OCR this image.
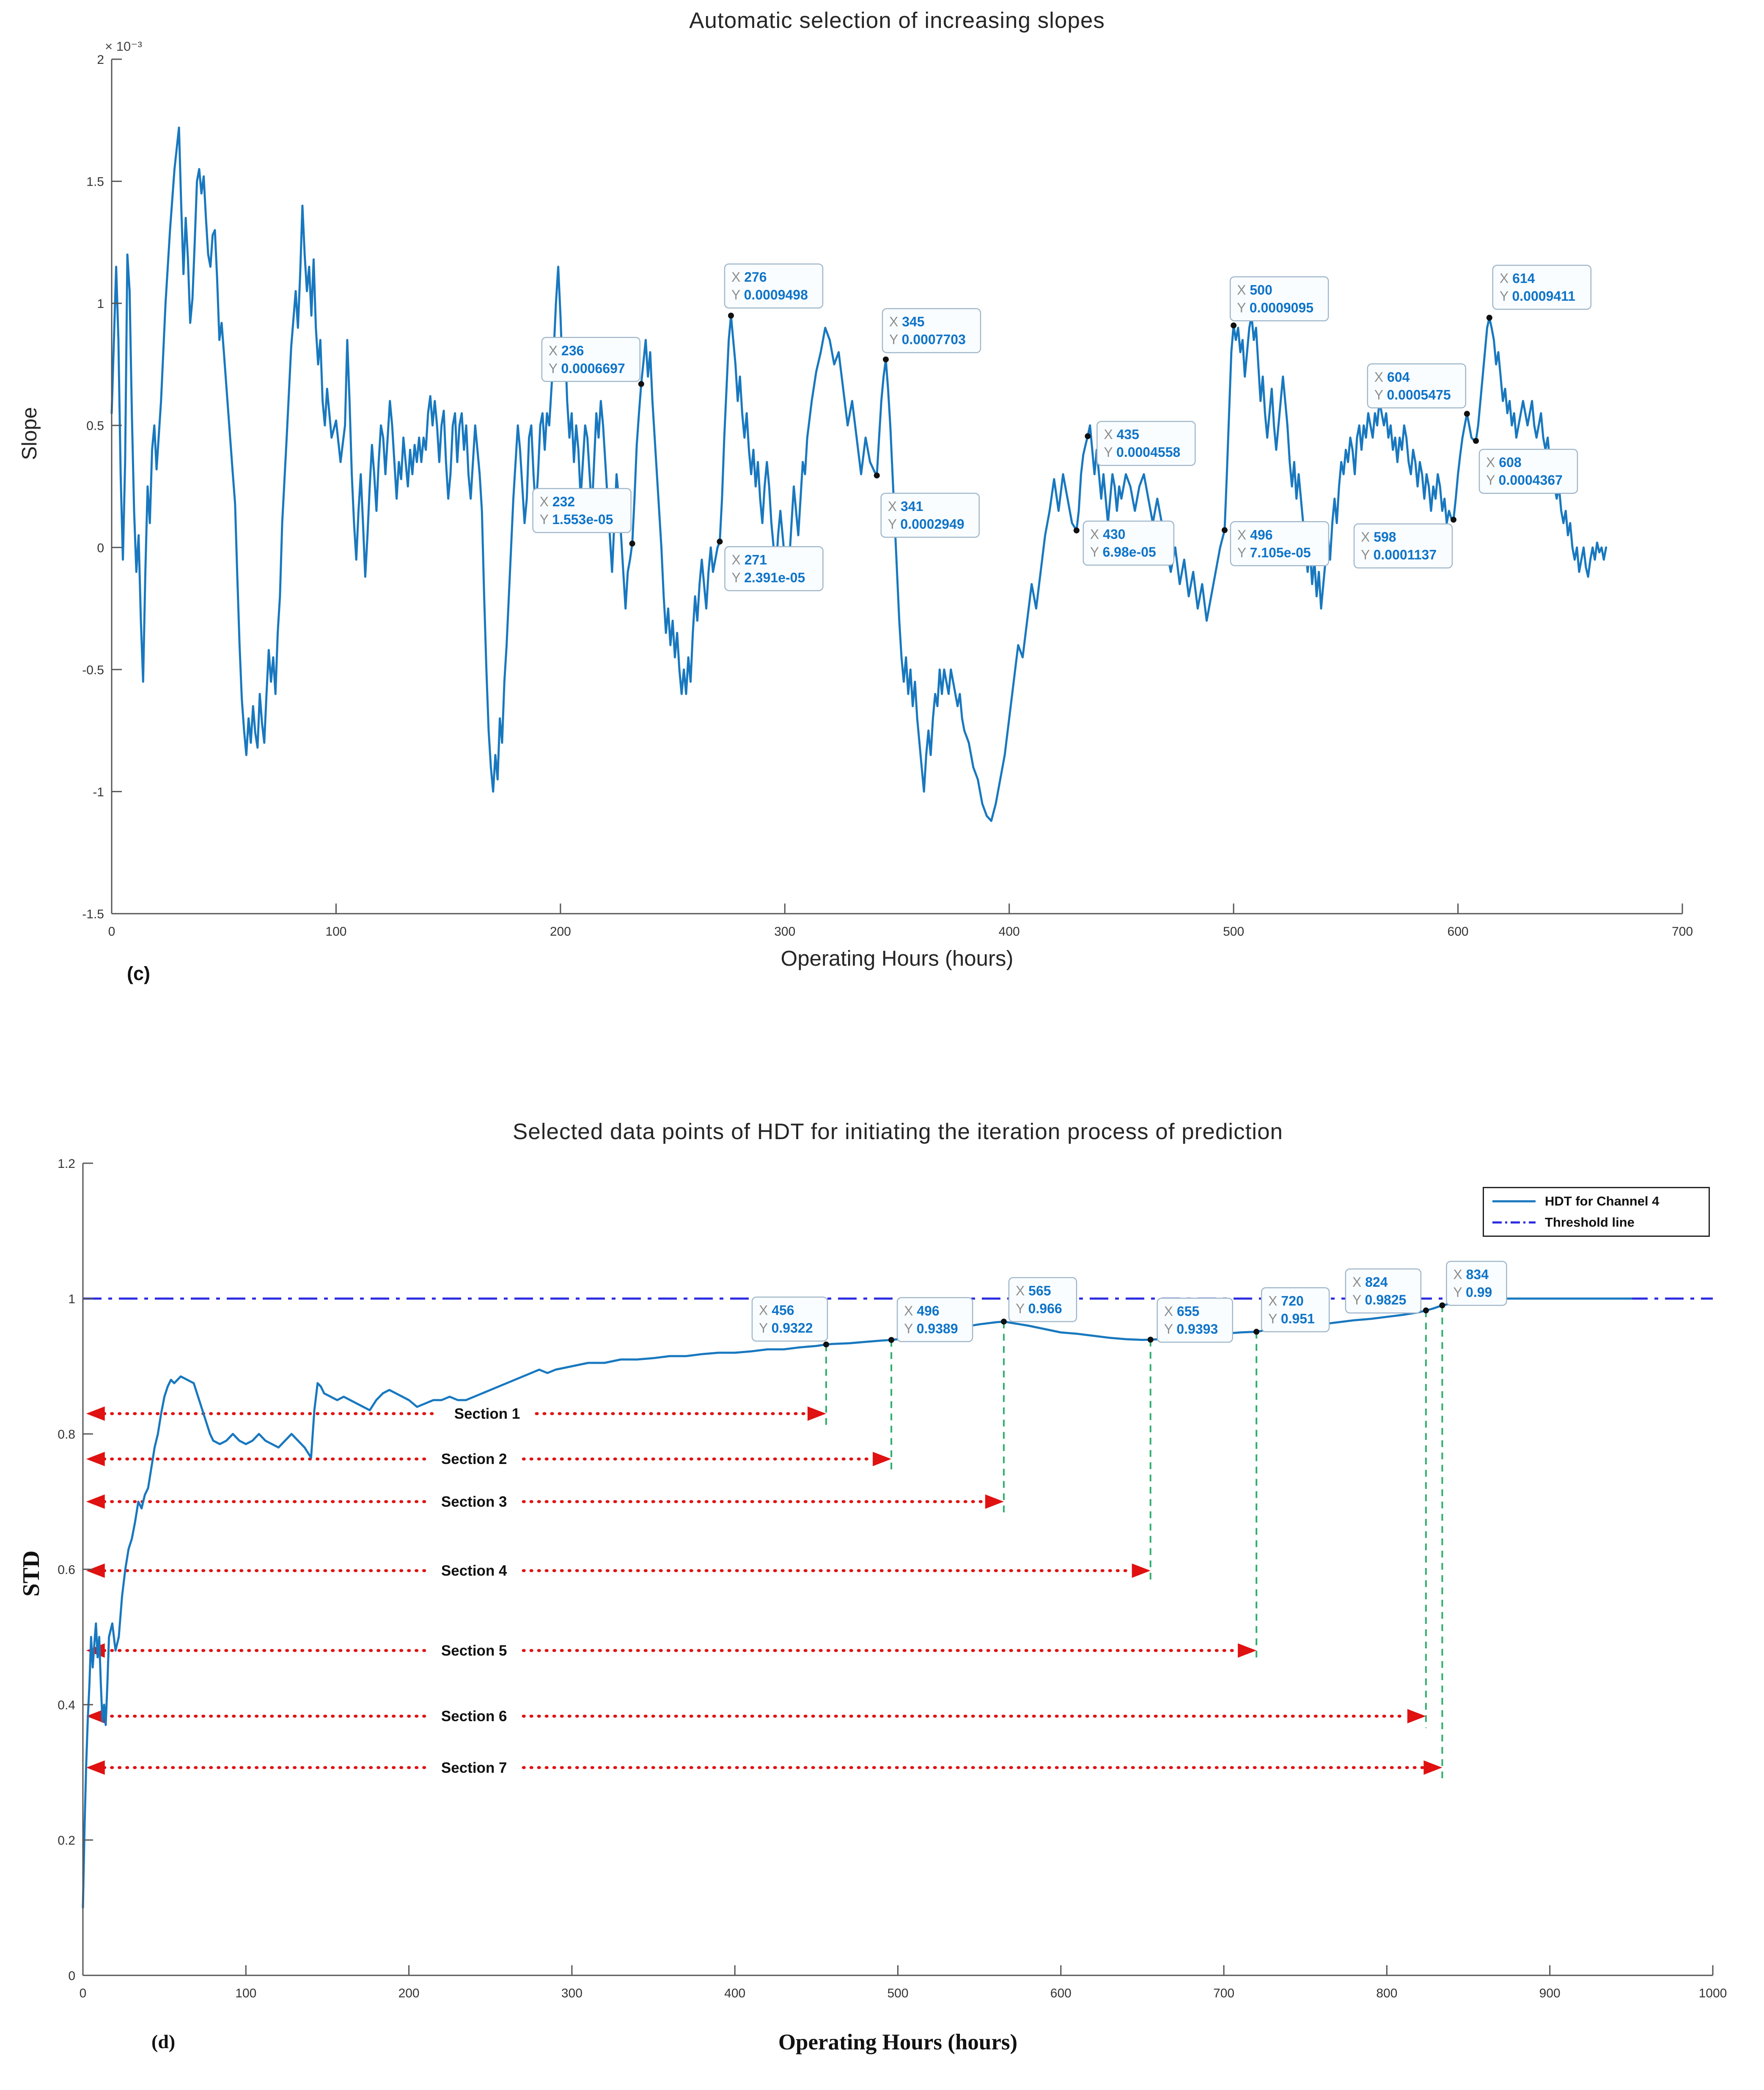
Automatic selection of increasing slopes
× 10⁻³
Slope
0	100	200	300	400	500	600	700
-1.5
-1
-0.5
0
0.5
1
1.5
2
X 236
Y 0.0006697
X 232
Y 1.553e-05
X 276
Y 0.0009498
X 271
Y 2.391e-05
X 345
Y 0.0007703
X 341
Y 0.0002949
X 435
Y 0.0004558
X 430
Y 6.98e-05
X 500
Y 0.0009095
X 496
Y 7.105e-05
X 604
Y 0.0005475
X 598
Y 0.0001137
X 614
Y 0.0009411
X 608
Y 0.0004367
Operating Hours (hours)
(c)
Selected data points of HDT for initiating the iteration process of prediction
STD
Section 1
Section 2
Section 3
Section 4
Section 5
Section 6
Section 7
0	100	200	300	400	500	600	700	800	900	1000
0
0.2
0.4
0.6
0.8
1
1.2
X 456
Y 0.9322
X 496
Y 0.9389
X 565
Y 0.966	X 655
Y 0.9393
X 720
Y 0.951
X 824
Y 0.9825
X 834
Y 0.99
HDT for Channel 4
Threshold line
Operating Hours (hours)
(d)
